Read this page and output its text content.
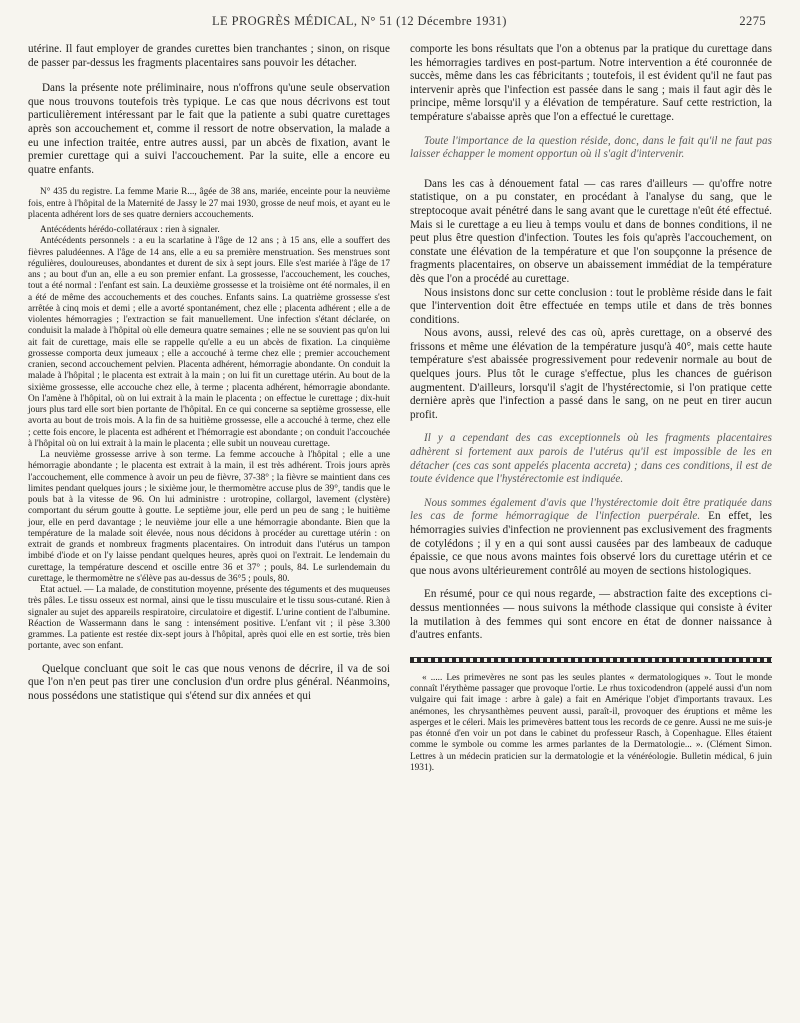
LE PROGRÈS MÉDICAL, N° 51 (12 Décembre 1931)	2275

utérine. Il faut employer de grandes curettes bien tranchantes ; sinon, on risque de passer par-dessus les fragments placentaires sans pouvoir les détacher.

Dans la présente note préliminaire, nous n'offrons qu'une seule observation que nous trouvons toutefois très typique. Le cas que nous décrivons est tout particulièrement intéressant par le fait que la patiente a subi quatre curettages après son accouchement et, comme il ressort de notre observation, la malade a eu une infection traitée, entre autres aussi, par un abcès de fixation, avant le premier curettage qui a suivi l'accouchement. Par la suite, elle a encore eu quatre enfants.

N° 435 du registre. La femme Marie R..., âgée de 38 ans, mariée, enceinte pour la neuvième fois, entre à l'hôpital de la Maternité de Jassy le 27 mai 1930, grosse de neuf mois, et ayant eu le placenta adhérent lors de ses quatre derniers accouchements.

Antécédents hérédo-collatéraux : rien à signaler.

Antécédents personnels : a eu la scarlatine à l'âge de 12 ans ; à 15 ans, elle a souffert des fièvres paludéennes. A l'âge de 14 ans, elle a eu sa première menstruation. Ses menstrues sont régulières, douloureuses, abondantes et durent de six à sept jours. Elle s'est mariée à l'âge de 17 ans ; au bout d'un an, elle a eu son premier enfant. La grossesse, l'accouchement, les couches, tout a été normal : l'enfant est sain. La deuxième grossesse et la troisième ont été normales, il en a été de même des accouchements et des couches. Enfants sains. La quatrième grossesse s'est arrêtée à cinq mois et demi ; elle a avorté spontanément, chez elle ; placenta adhérent ; elle a de violentes hémorragies ; l'extraction se fait manuellement. Une infection s'étant déclarée, on conduisit la malade à l'hôpital où elle demeura quatre semaines ; elle ne se souvient pas qu'on lui ait fait de curettage, mais elle se rappelle qu'elle a eu un abcès de fixation. La cinquième grossesse comporta deux jumeaux ; elle a accouché à terme chez elle ; premier accouchement cranien, second accouchement pelvien. Placenta adhérent, hémorragie abondante. On conduit la malade à l'hôpital ; le placenta est extrait à la main ; on lui fit un curettage utérin. Au bout de la sixième grossesse, elle accouche chez elle, à terme ; placenta adhérent, hémorragie abondante. On l'amène à l'hôpital, où on lui extrait à la main le placenta ; on effectue le curettage ; dix-huit jours plus tard elle sort bien portante de l'hôpital. En ce qui concerne sa septième grossesse, elle avorta au bout de trois mois. A la fin de sa huitième grossesse, elle a accouché à terme, chez elle ; cette fois encore, le placenta est adhérent et l'hémorragie est abondante ; on conduit l'accouchée à l'hôpital où on lui extrait à la main le placenta ; elle subit un nouveau curettage.

La neuvième grossesse arrive à son terme. La femme accouche à l'hôpital ; elle a une hémorragie abondante ; le placenta est extrait à la main, il est très adhérent. Trois jours après l'accouchement, elle commence à avoir un peu de fièvre, 37-38° ; la fièvre se maintient dans ces limites pendant quelques jours ; le sixième jour, le thermomètre accuse plus de 39°, tandis que le pouls bat à la vitesse de 96. On lui administre : urotropine, collargol, lavement (clystère) comportant du sérum goutte à goutte. Le septième jour, elle perd un peu de sang ; le huitième jour, elle en perd davantage ; le neuvième jour elle a une hémorragie abondante. Bien que la température de la malade soit élevée, nous nous décidons à procéder au curettage utérin : on extrait de grands et nombreux fragments placentaires. On introduit dans l'utérus un tampon imbibé d'iode et on l'y laisse pendant quelques heures, après quoi on l'extrait. Le lendemain du curettage, la température descend et oscille entre 36 et 37° ; pouls, 84. Le surlendemain du curettage, le thermomètre ne s'élève pas au-dessus de 36°5 ; pouls, 80.

Etat actuel. — La malade, de constitution moyenne, présente des téguments et des muqueuses très pâles. Le tissu osseux est normal, ainsi que le tissu musculaire et le tissu sous-cutané. Rien à signaler au sujet des appareils respiratoire, circulatoire et digestif. L'urine contient de l'albumine. Réaction de Wassermann dans le sang : intensément positive. L'enfant vit ; il pèse 3.300 grammes. La patiente est restée dix-sept jours à l'hôpital, après quoi elle en est sortie, très bien portante, avec son enfant.

Quelque concluant que soit le cas que nous venons de décrire, il va de soi que l'on n'en peut pas tirer une conclusion d'un ordre plus général. Néanmoins, nous possédons une statistique qui s'étend sur dix années et qui

comporte les bons résultats que l'on a obtenus par la pratique du curettage dans les hémorragies tardives en post-partum. Notre intervention a été couronnée de succès, même dans les cas fébricitants ; toutefois, il est évident qu'il ne faut pas intervenir après que l'infection est passée dans le sang ; mais il faut agir dès le principe, même lorsqu'il y a élévation de température. Sauf cette restriction, la température s'abaisse après que l'on a effectué le curettage.

Toute l'importance de la question réside, donc, dans le fait qu'il ne faut pas laisser échapper le moment opportun où il s'agit d'intervenir.

Dans les cas à dénouement fatal — cas rares d'ailleurs — qu'offre notre statistique, on a pu constater, en procédant à l'analyse du sang, que le streptocoque avait pénétré dans le sang avant que le curettage n'eût été effectué. Mais si le curettage a eu lieu à temps voulu et dans de bonnes conditions, il ne peut plus être question d'infection. Toutes les fois qu'après l'accouchement, on constate une élévation de la température et que l'on soupçonne la présence de fragments placentaires, on observe un abaissement immédiat de la température dès que l'on a procédé au curettage.

Nous insistons donc sur cette conclusion : tout le problème réside dans le fait que l'intervention doit être effectuée en temps utile et dans de très bonnes conditions.

Nous avons, aussi, relevé des cas où, après curettage, on a observé des frissons et même une élévation de la température jusqu'à 40°, mais cette haute température s'est abaissée progressivement pour redevenir normale au bout de quelques jours. Plus tôt le curage s'effectue, plus les chances de guérison augmentent. D'ailleurs, lorsqu'il s'agit de l'hystérectomie, si l'on pratique cette dernière après que l'infection a passé dans le sang, on ne peut en tirer aucun profit.

Il y a cependant des cas exceptionnels où les fragments placentaires adhèrent si fortement aux parois de l'utérus qu'il est impossible de les en détacher (ces cas sont appelés placenta accreta) ; dans ces conditions, il est de toute évidence que l'hystérectomie est indiquée.

Nous sommes également d'avis que l'hystérectomie doit être pratiquée dans les cas de forme hémorragique de l'infection puerpérale. En effet, les hémorragies suivies d'infection ne proviennent pas exclusivement des fragments de cotylédons ; il y en a qui sont aussi causées par des lambeaux de caduque épaissie, ce que nous avons maintes fois observé lors du curettage utérin et ce que nous avons ultérieurement contrôlé au moyen de sections histologiques.

En résumé, pour ce qui nous regarde, — abstraction faite des exceptions ci-dessus mentionnées — nous suivons la méthode classique qui consiste à éviter la mutilation à des femmes qui sont encore en état de donner naissance à d'autres enfants.

« ..... Les primevères ne sont pas les seules plantes « dermatologiques ». Tout le monde connaît l'érythème passager que provoque l'ortie. Le rhus toxicodendron (appelé aussi d'un nom vulgaire qui fait image : arbre à gale) a fait en Amérique l'objet d'importants travaux. Les anémones, les chrysanthèmes peuvent aussi, paraît-il, provoquer des éruptions et même les asperges et le céleri. Mais les primevères battent tous les records de ce genre. Aussi ne me suis-je pas étonné d'en voir un pot dans le cabinet du professeur Rasch, à Copenhague. Elles étaient comme le symbole ou comme les armes parlantes de la Dermatologie... ». (Clément Simon. Lettres à un médecin praticien sur la dermatologie et la vénéréologie. Bulletin médical, 6 juin 1931).
